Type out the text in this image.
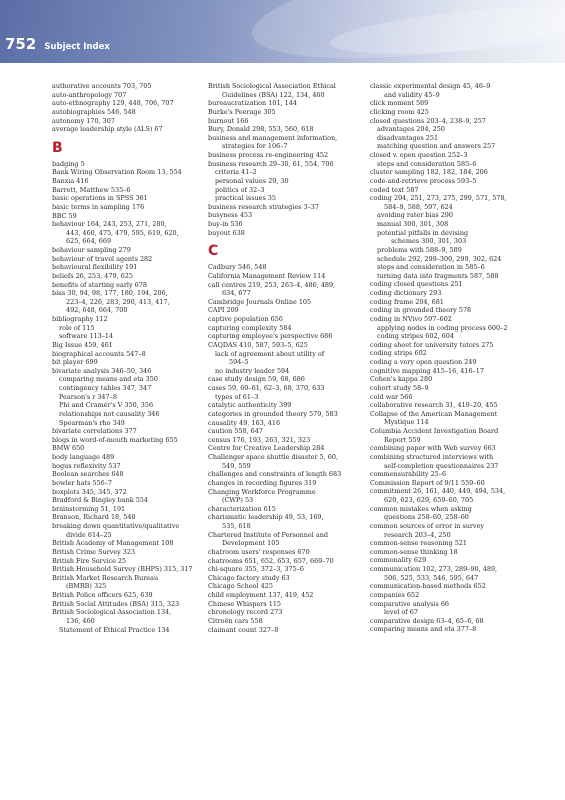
752 Subject Index
authorative accounts 703, 705
auto-anthropology 707
auto-ethnography 129, 448, 706, 707
autobiographies 546, 548
autonomy 170, 307
average leadership style (ALS) 67
B
badging 5
Bank Wiring Observation Room 13, 554
Banxia 416
Barrett, Matthew 535–6
basic operations in SPSS 361
basic terms in sampling 176
BBC 59
behaviour 164, 243, 253, 271, 280,
443, 460, 475, 479, 595, 619, 620,
625, 664, 669
behaviour sampling 279
behaviour of travel agents 282
behavioural flexibility 191
beliefs 26, 253, 479, 625
benefits of starting early 678
bias 30, 94, 98, 177, 180, 194, 206,
223–4, 226, 283, 290, 413, 417,
492, 648, 664, 700
bibliography 112
role of 115
software 113–14
Big Issue 459, 461
biographical accounts 547–8
bit player 699
bivariate analysis 346–50, 346
comparing means and eta 350
contingency tables 347, 347
Pearson's r 347–8
Phi and Cramér's V 350, 356
relationships not causality 346
Spearman's rho 349
bivariate correlations 377
blogs in word-of-mouth marketing 655
BMW 650
body language 489
bogus reflexivity 537
Boolean searches 648
bowler hats 556–7
boxplots 345, 345, 372
Bradford & Bingley bank 554
brainstorming 51, 191
Branson, Richard 18, 548
breaking down quantitative/qualitative
divide 614–25
British Academy of Management 108
British Crime Survey 323
British Fire Service 25
British Household Survey (BHPS) 315, 317
British Market Research Bureau
(BMRB) 325
British Police officers 625, 639
British Social Attitudes (BSA) 315, 323
British Sociological Association 134,
136, 460
Statement of Ethical Practice 134
British Sociological Association Ethical
Guidelines (BSA) 122, 134, 460
bureaucratization 101, 144
Burke's Peerage 305
burnout 166
Bury, Donald 298, 553, 560, 618
business and management information,
strategies for 106–7
business process re-engineering 452
business research 29–30, 61, 554, 706
criteria 41–2
personal values 29, 30
politics of 32–3
practical issues 35
business research strategies 3–37
busyness 453
buy-in 536
buyout 638
C
Cadbury 546, 548
California Management Review 114
call centres 219, 253, 263–4, 486, 489,
634, 677
Cambridge Journals Online 105
CAPI 209
captive population 656
capturing complexity 584
capturing employee's perspective 686
CAQDAS 410, 587, 593–5, 625
lack of agreement about utility of
594–5
no industry leader 594
case study design 59, 68, 686
cases 59, 60–61, 62–3, 68, 370, 633
types of 61–3
catalytic authenticity 399
categories in grounded theory 579, 583
causality 49, 163, 416
caution 558, 647
census 176, 193, 263, 321, 323
Centre for Creative Leadership 284
Challenger space shuttle disaster 5, 60,
549, 559
challenges and constraints of length 683
changes in recording figures 319
Changing Workforce Programme
(CWP) 53
characterization 615
charismatic leadership 49, 53, 169,
535, 618
Chartered Institute of Personnel and
Development 105
chatroom users' responses 670
chatrooms 651, 652, 653, 657, 669–70
chi-square 355, 372–3, 375–6
Chicago factory study 63
Chicago School 425
child employment 137, 419, 452
Chinese Whispers 115
chronology record 273
Citroën cars 558
claimant count 327–8
classic experimental design 45, 46–9
and validity 45–9
click moment 589
clicking room 425
closed questions 203–4, 238–9, 257
advantages 204, 250
disadvantages 251
matching question and answers 257
closed v. open question 252–3
steps and consideration 585–6
cluster sampling 182, 182, 184, 206
code-and-retrieve process 593–5
coded text 587
coding 204, 251, 273, 275, 299, 571, 578,
584–9, 588, 597, 624
avoiding rater bias 290
manual 300, 301, 308
potential pitfalls in devising
schemes 300, 301, 303
problems with 588–9, 589
schedule 292, 299–300, 299, 302, 624
steps and consideration in 585–6
turning data into fragments 587, 588
coding closed questions 251
coding dictionary 293
coding frame 204, 681
coding in grounded theory 578
coding in NVivo 597–602
applying nodes in coding process 600–2
coding stripes 602, 604
coding sheet for university tutors 275
coding strips 602
coding a very open question 249
cognitive mapping 415–16, 416–17
Cohen's kappa 280
cohort study 58–9
cold war 566
collaborative research 31, 419–20, 455
Collapse of the American Management
Mystique 114
Columbia Accident Investigation Board
Report 559
combining paper with Web survey 663
combining structured interviews with
self-completion questionnaires 237
commensurability 25–6
Commission Report of 9/11 559–60
commitment 26, 161, 440, 449, 494, 534,
620, 623, 629, 659–60, 705
common mistakes when asking
questions 258–60, 258–60
common sources of error in survey
research 203–4, 250
common-sense reasoning 521
common-sense thinking 18
commonality 629
communication 102, 273, 289–90, 489,
506, 525, 533, 546, 595, 647
communication-based methods 652
companies 652
comparative analysis 66
level of 67
comparative design 63–4, 65–6, 68
comparing means and eta 377–8
